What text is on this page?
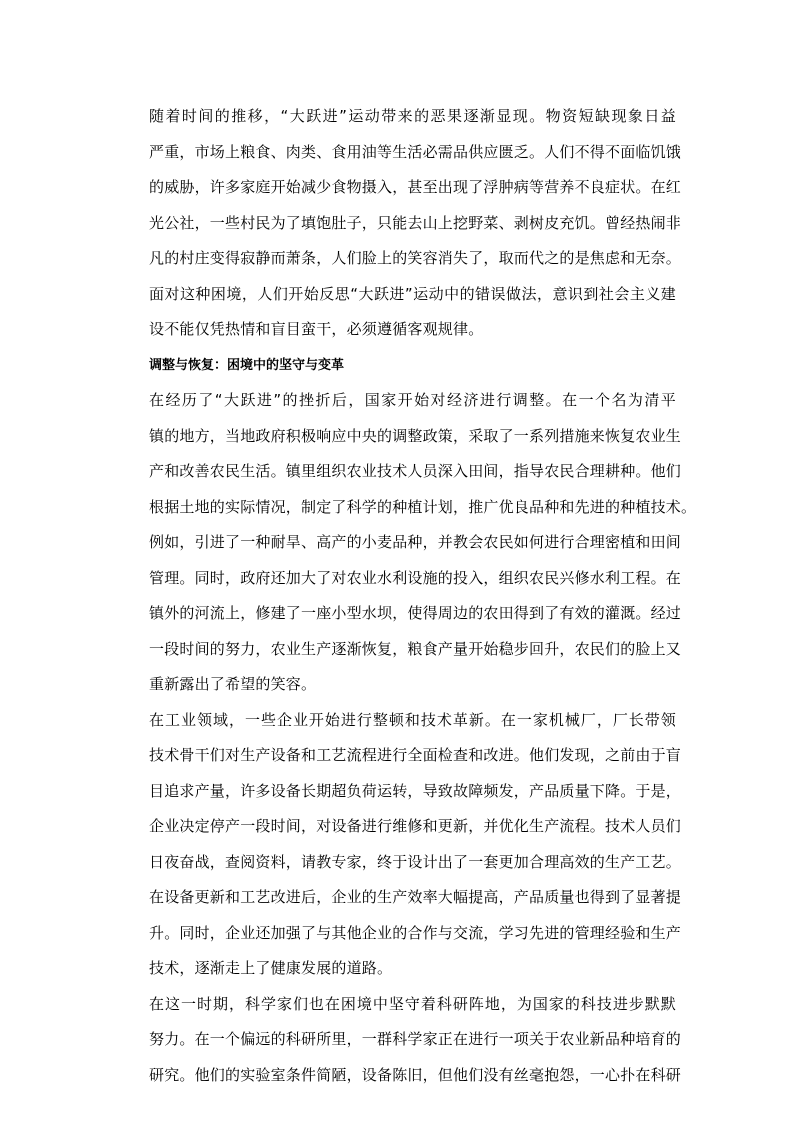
随着时间的推移，“大跃进”运动带来的恶果逐渐显现。物资短缺现象日益
严重，市场上粮食、肉类、食用油等生活必需品供应匮乏。人们不得不面临饥饿
的威胁，许多家庭开始减少食物摄入，甚至出现了浮肿病等营养不良症状。在红
光公社，一些村民为了填饱肚子，只能去山上挖野菜、剥树皮充饥。曾经热闹非
凡的村庄变得寂静而萧条，人们脸上的笑容消失了，取而代之的是焦虑和无奈。
面对这种困境，人们开始反思“大跃进”运动中的错误做法，意识到社会主义建
设不能仅凭热情和盲目蛮干，必须遵循客观规律。
调整与恢复：困境中的坚守与变革
在经历了“大跃进”的挫折后，国家开始对经济进行调整。在一个名为清平
镇的地方，当地政府积极响应中央的调整政策，采取了一系列措施来恢复农业生
产和改善农民生活。镇里组织农业技术人员深入田间，指导农民合理耕种。他们
根据土地的实际情况，制定了科学的种植计划，推广优良品种和先进的种植技术。
例如，引进了一种耐旱、高产的小麦品种，并教会农民如何进行合理密植和田间
管理。同时，政府还加大了对农业水利设施的投入，组织农民兴修水利工程。在
镇外的河流上，修建了一座小型水坝，使得周边的农田得到了有效的灌溉。经过
一段时间的努力，农业生产逐渐恢复，粮食产量开始稳步回升，农民们的脸上又
重新露出了希望的笑容。
在工业领域，一些企业开始进行整顿和技术革新。在一家机械厂，厂长带领
技术骨干们对生产设备和工艺流程进行全面检查和改进。他们发现，之前由于盲
目追求产量，许多设备长期超负荷运转，导致故障频发，产品质量下降。于是，
企业决定停产一段时间，对设备进行维修和更新，并优化生产流程。技术人员们
日夜奋战，查阅资料，请教专家，终于设计出了一套更加合理高效的生产工艺。
在设备更新和工艺改进后，企业的生产效率大幅提高，产品质量也得到了显著提
升。同时，企业还加强了与其他企业的合作与交流，学习先进的管理经验和生产
技术，逐渐走上了健康发展的道路。
在这一时期，科学家们也在困境中坚守着科研阵地，为国家的科技进步默默
努力。在一个偏远的科研所里，一群科学家正在进行一项关于农业新品种培育的
研究。他们的实验室条件简陋，设备陈旧，但他们没有丝毫抱怨，一心扑在科研
